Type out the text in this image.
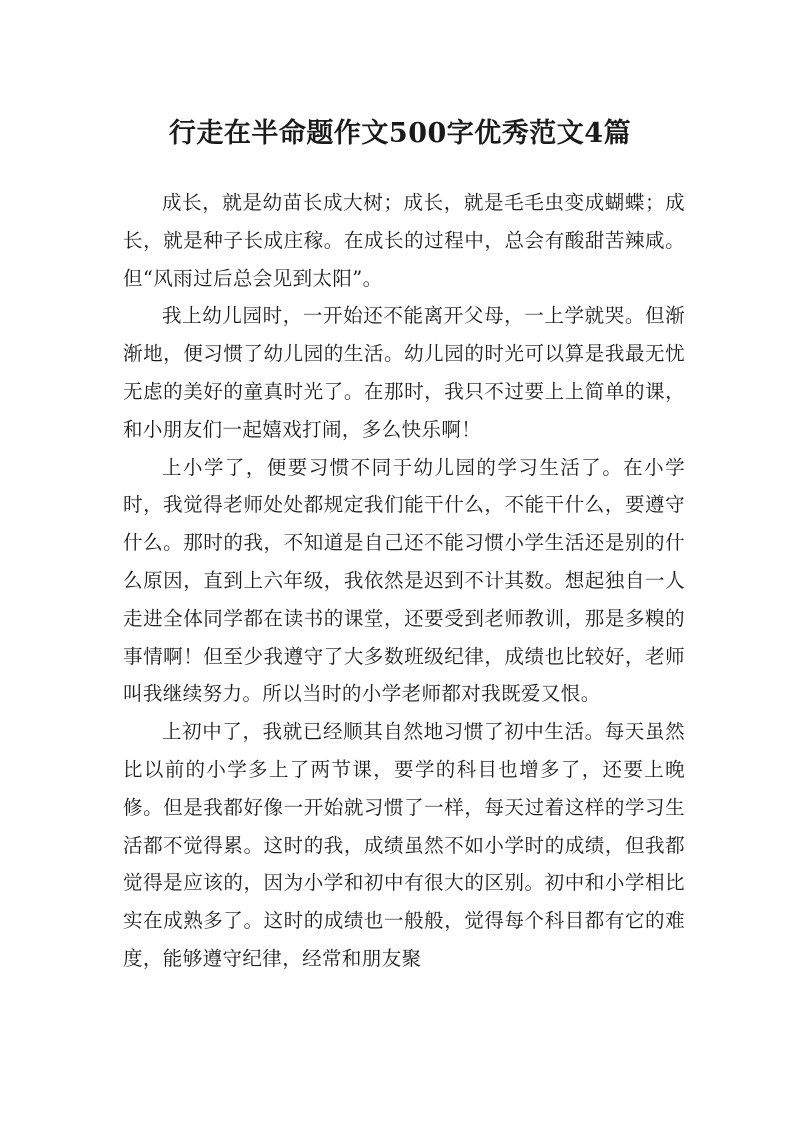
行走在半命题作文500字优秀范文4篇

成长，就是幼苗长成大树；成长，就是毛毛虫变成蝴蝶；成长，就是种子长成庄稼。在成长的过程中，总会有酸甜苦辣咸。但“风雨过后总会见到太阳”。

我上幼儿园时，一开始还不能离开父母，一上学就哭。但渐渐地，便习惯了幼儿园的生活。幼儿园的时光可以算是我最无忧无虑的美好的童真时光了。在那时，我只不过要上上简单的课，和小朋友们一起嬉戏打闹，多么快乐啊！

上小学了，便要习惯不同于幼儿园的学习生活了。在小学时，我觉得老师处处都规定我们能干什么，不能干什么，要遵守什么。那时的我，不知道是自己还不能习惯小学生活还是别的什么原因，直到上六年级，我依然是迟到不计其数。想起独自一人走进全体同学都在读书的课堂，还要受到老师教训，那是多糗的事情啊！但至少我遵守了大多数班级纪律，成绩也比较好，老师叫我继续努力。所以当时的小学老师都对我既爱又恨。

上初中了，我就已经顺其自然地习惯了初中生活。每天虽然比以前的小学多上了两节课，要学的科目也增多了，还要上晚修。但是我都好像一开始就习惯了一样，每天过着这样的学习生活都不觉得累。这时的我，成绩虽然不如小学时的成绩，但我都觉得是应该的，因为小学和初中有很大的区别。初中和小学相比实在成熟多了。这时的成绩也一般般，觉得每个科目都有它的难度，能够遵守纪律，经常和朋友聚
